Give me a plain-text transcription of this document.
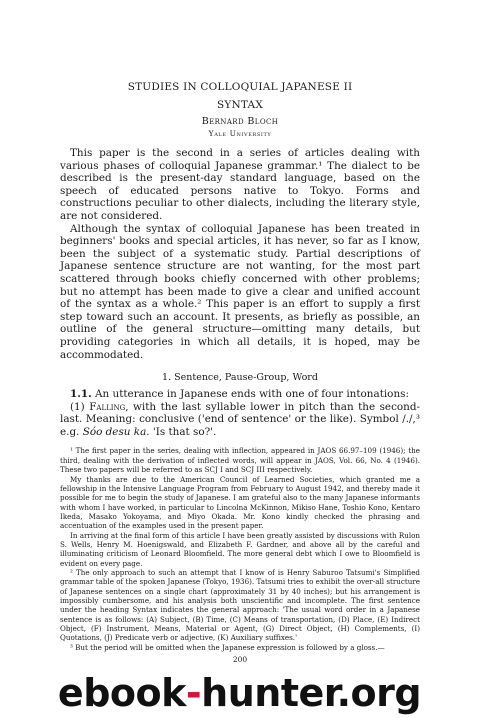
STUDIES IN COLLOQUIAL JAPANESE II
SYNTAX
Bernard Bloch
Yale University

This paper is the second in a series of articles dealing with various phases of colloquial Japanese grammar.¹ The dialect to be described is the present-day standard language, based on the speech of educated persons native to Tokyo. Forms and constructions peculiar to other dialects, including the literary style, are not considered.

Although the syntax of colloquial Japanese has been treated in beginners' books and special articles, it has never, so far as I know, been the subject of a systematic study. Partial descriptions of Japanese sentence structure are not wanting, for the most part scattered through books chiefly concerned with other problems; but no attempt has been made to give a clear and unified account of the syntax as a whole.² This paper is an effort to supply a first step toward such an account. It presents, as briefly as possible, an outline of the general structure—omitting many details, but providing categories in which all details, it is hoped, may be accommodated.

1. Sentence, Pause-Group, Word

1.1. An utterance in Japanese ends with one of four intonations:

(1) Falling, with the last syllable lower in pitch than the second-last. Meaning: conclusive ('end of sentence' or the like). Symbol /./,³ e.g. Sóo desu ka. 'Is that so?'.

¹ The first paper in the series, dealing with inflection, appeared in JAOS 66.97–109 (1946); the third, dealing with the derivation of inflected words, will appear in JAOS, Vol. 66, No. 4 (1946). These two papers will be referred to as SCJ I and SCJ III respectively.

My thanks are due to the American Council of Learned Societies, which granted me a fellowship in the Intensive Language Program from February to August 1942, and thereby made it possible for me to begin the study of Japanese. I am grateful also to the many Japanese informants with whom I have worked, in particular to Lincolna McKinnon, Mikiso Hane, Toshio Kono, Kentaro Ikeda, Masako Yokoyama, and Miyo Okada. Mr. Kono kindly checked the phrasing and accentuation of the examples used in the present paper.

In arriving at the final form of this article I have been greatly assisted by discussions with Rulon S. Wells, Henry M. Hoenigswald, and Elizabeth F. Gardner, and above all by the careful and illuminating criticism of Leonard Bloomfield. The more general debt which I owe to Bloomfield is evident on every page.

² The only approach to such an attempt that I know of is Henry Saburoo Tatsumi's Simplified grammar table of the spoken Japanese (Tokyo, 1936). Tatsumi tries to exhibit the over-all structure of Japanese sentences on a single chart (approximately 31 by 40 inches); but his arrangement is impossibly cumbersome, and his analysis both unscientific and incomplete. The first sentence under the heading Syntax indicates the general approach: 'The usual word order in a Japanese sentence is as follows: (A) Subject, (B) Time, (C) Means of transportation, (D) Place, (E) Indirect Object, (F) Instrument, Means, Material or Agent, (G) Direct Object, (H) Complements, (I) Quotations, (J) Predicate verb or adjective, (K) Auxiliary suffixes.'

³ But the period will be omitted when the Japanese expression is followed by a gloss.—

200
ebook-hunter.org
